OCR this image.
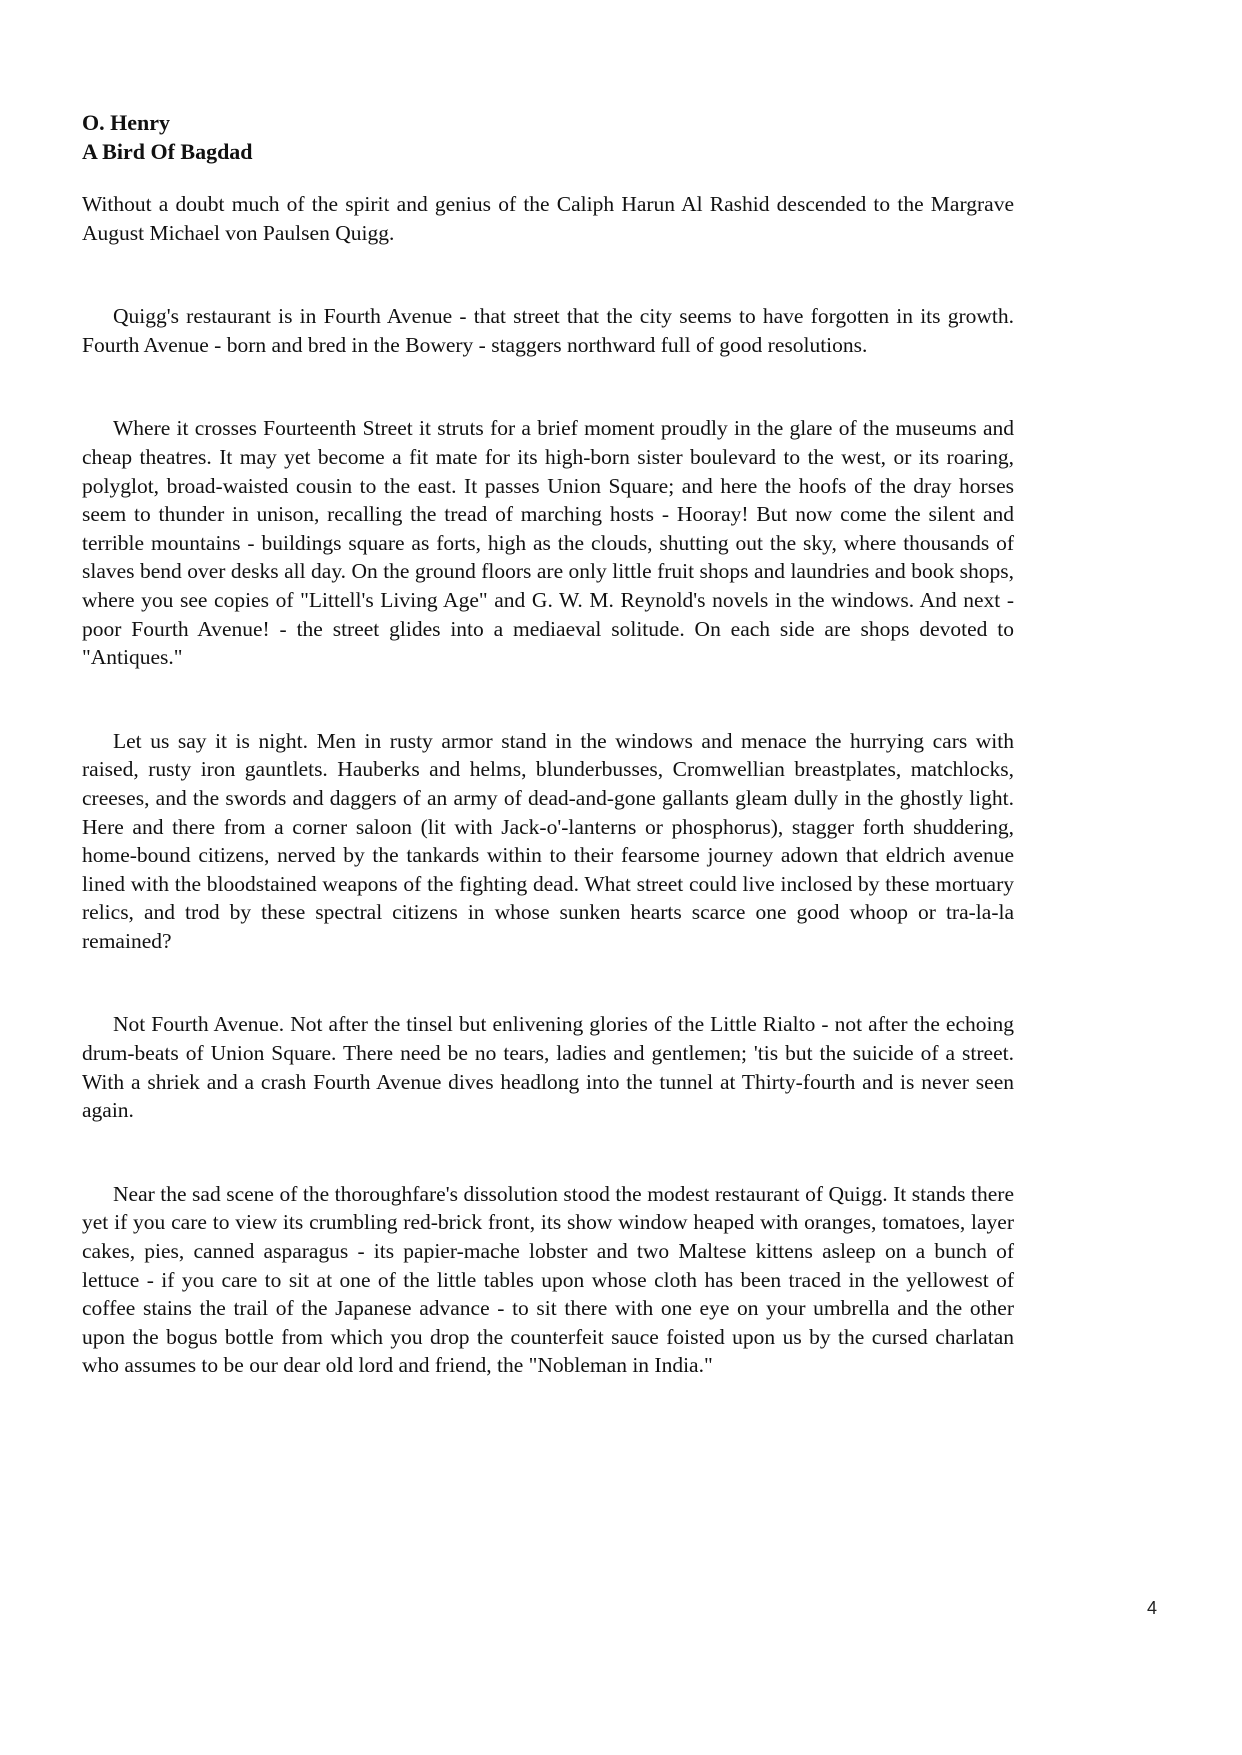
O. Henry
A Bird Of Bagdad

Without a doubt much of the spirit and genius of the Caliph Harun Al Rashid descended to the Margrave August Michael von Paulsen Quigg.

Quigg's restaurant is in Fourth Avenue - that street that the city seems to have forgotten in its growth. Fourth Avenue - born and bred in the Bowery - staggers northward full of good resolutions.

Where it crosses Fourteenth Street it struts for a brief moment proudly in the glare of the museums and cheap theatres. It may yet become a fit mate for its high-born sister boulevard to the west, or its roaring, polyglot, broad-waisted cousin to the east. It passes Union Square; and here the hoofs of the dray horses seem to thunder in unison, recalling the tread of marching hosts - Hooray! But now come the silent and terrible mountains - buildings square as forts, high as the clouds, shutting out the sky, where thousands of slaves bend over desks all day. On the ground floors are only little fruit shops and laundries and book shops, where you see copies of "Littell's Living Age" and G. W. M. Reynold's novels in the windows. And next - poor Fourth Avenue! - the street glides into a mediaeval solitude. On each side are shops devoted to "Antiques."

Let us say it is night. Men in rusty armor stand in the windows and menace the hurrying cars with raised, rusty iron gauntlets. Hauberks and helms, blunderbusses, Cromwellian breastplates, matchlocks, creeses, and the swords and daggers of an army of dead-and-gone gallants gleam dully in the ghostly light. Here and there from a corner saloon (lit with Jack-o'-lanterns or phosphorus), stagger forth shuddering, home-bound citizens, nerved by the tankards within to their fearsome journey adown that eldrich avenue lined with the bloodstained weapons of the fighting dead. What street could live inclosed by these mortuary relics, and trod by these spectral citizens in whose sunken hearts scarce one good whoop or tra-la-la remained?

Not Fourth Avenue. Not after the tinsel but enlivening glories of the Little Rialto - not after the echoing drum-beats of Union Square. There need be no tears, ladies and gentlemen; 'tis but the suicide of a street. With a shriek and a crash Fourth Avenue dives headlong into the tunnel at Thirty-fourth and is never seen again.

Near the sad scene of the thoroughfare's dissolution stood the modest restaurant of Quigg. It stands there yet if you care to view its crumbling red-brick front, its show window heaped with oranges, tomatoes, layer cakes, pies, canned asparagus - its papier-mache lobster and two Maltese kittens asleep on a bunch of lettuce - if you care to sit at one of the little tables upon whose cloth has been traced in the yellowest of coffee stains the trail of the Japanese advance - to sit there with one eye on your umbrella and the other upon the bogus bottle from which you drop the counterfeit sauce foisted upon us by the cursed charlatan who assumes to be our dear old lord and friend, the "Nobleman in India."

4
